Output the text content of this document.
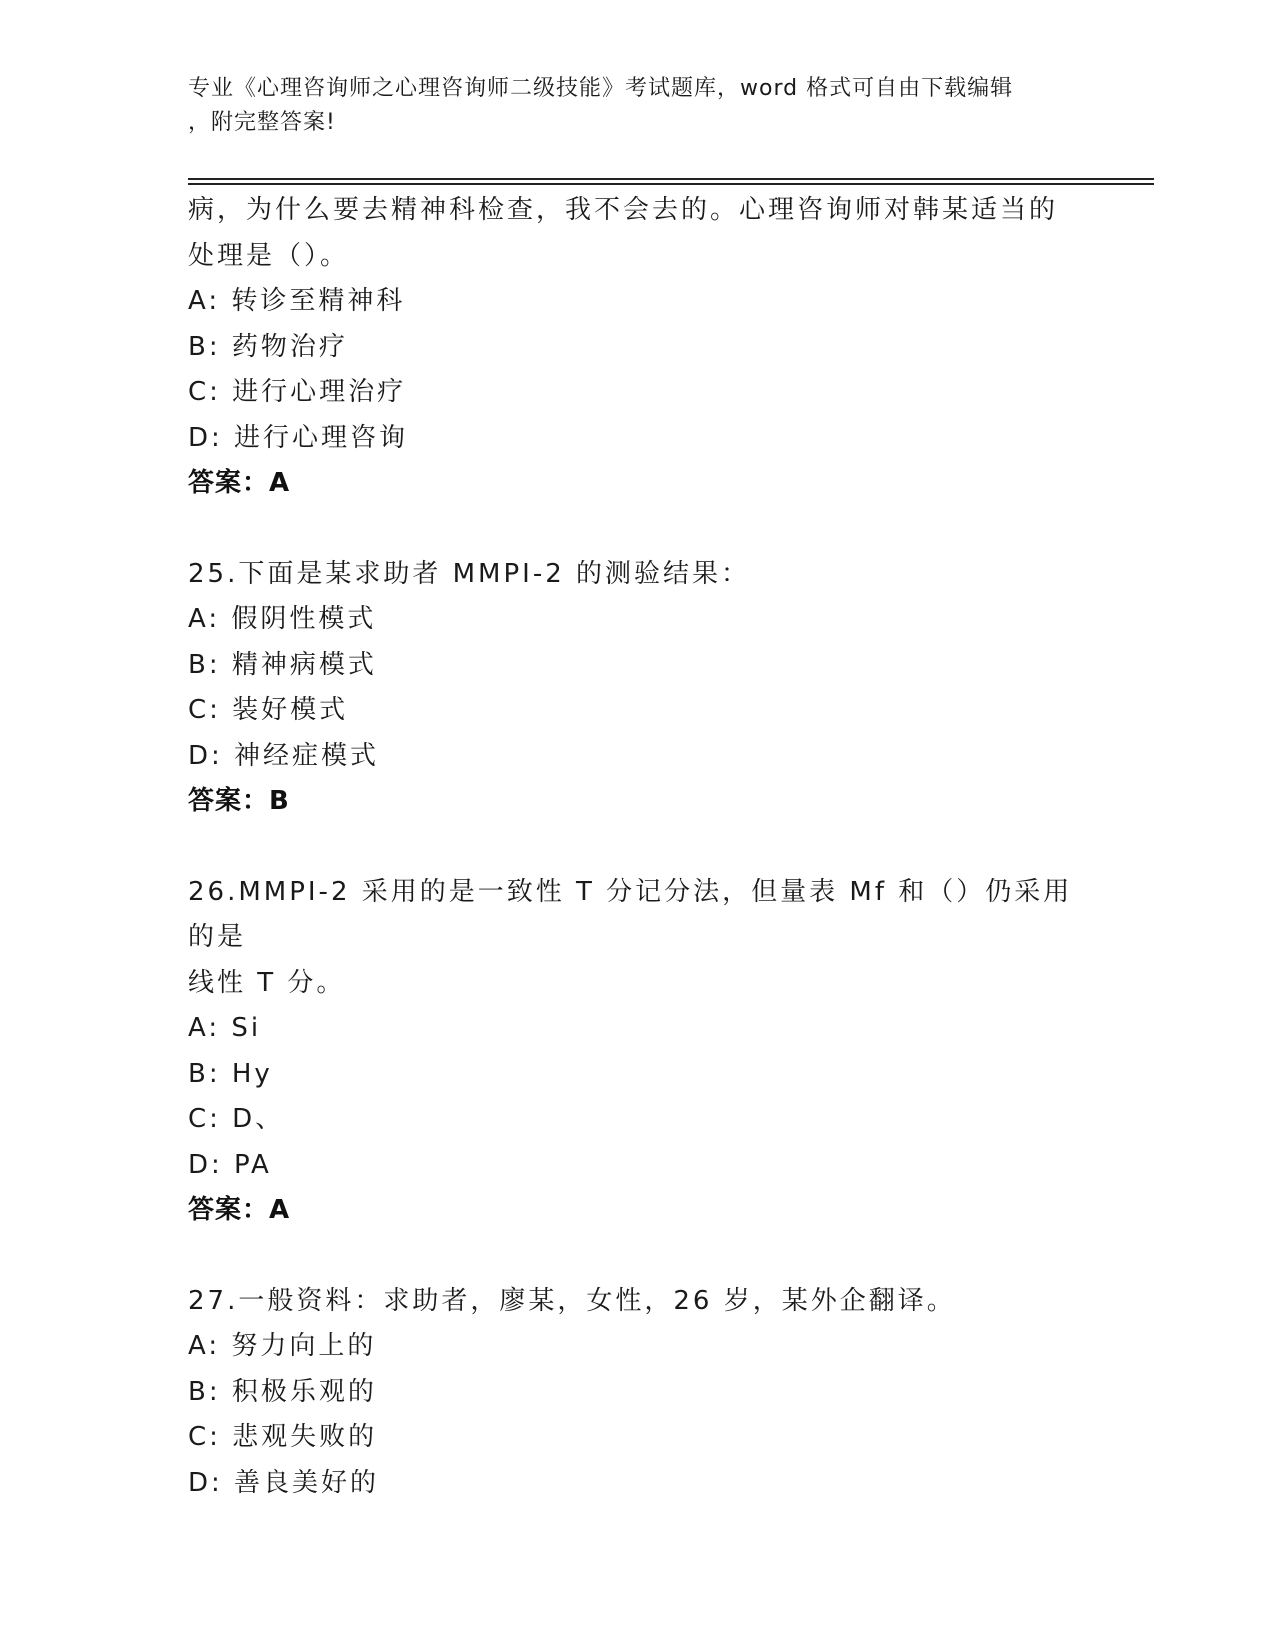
专业《心理咨询师之心理咨询师二级技能》考试题库，word 格式可自由下载编辑
，附完整答案!
病，为什么要去精神科检查，我不会去的。心理咨询师对韩某适当的
处理是（）。
A: 转诊至精神科
B: 药物治疗
C: 进行心理治疗
D: 进行心理咨询
答案：A
25.下面是某求助者 MMPI-2 的测验结果：
A: 假阴性模式
B: 精神病模式
C: 装好模式
D: 神经症模式
答案：B
26.MMPI-2 采用的是一致性 T 分记分法，但量表 Mf 和（）仍采用的是
线性 T 分。
A: Si
B: Hy
C: D、
D: PA
答案：A
27.一般资料：求助者，廖某，女性，26 岁，某外企翻译。
A: 努力向上的
B: 积极乐观的
C: 悲观失败的
D: 善良美好的
